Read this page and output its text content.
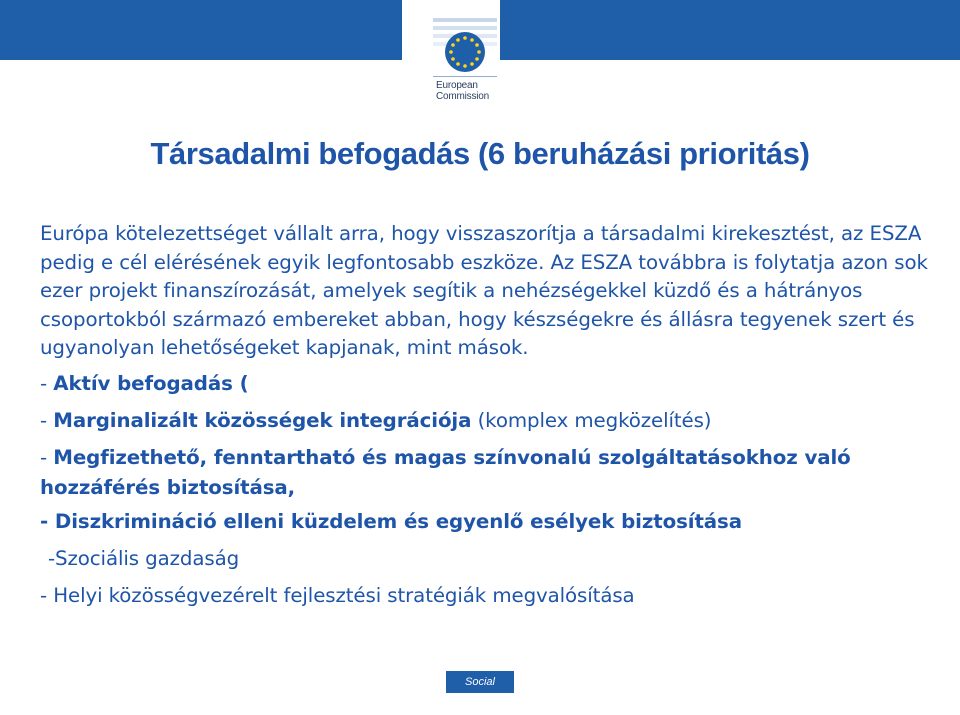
European
Commission
Társadalmi befogadás (6 beruházási prioritás)

Európa kötelezettséget vállalt arra, hogy visszaszorítja a társadalmi kirekesztést, az ESZA pedig e cél elérésének egyik legfontosabb eszköze. Az ESZA továbbra is folytatja azon sok ezer projekt finanszírozását, amelyek segítik a nehézségekkel küzdő és a hátrányos csoportokból származó embereket abban, hogy készségekre és állásra tegyenek szert és ugyanolyan lehetőségeket kapjanak, mint mások.

- Aktív befogadás (
- Marginalizált közösségek integrációja (komplex megközelítés)
- Megfizethető, fenntartható és magas színvonalú szolgáltatásokhoz való hozzáférés biztosítása,
- Diszkrimináció elleni küzdelem és egyenlő esélyek biztosítása
-Szociális gazdaság
- Helyi közösségvezérelt fejlesztési stratégiák megvalósítása
Social Europe
